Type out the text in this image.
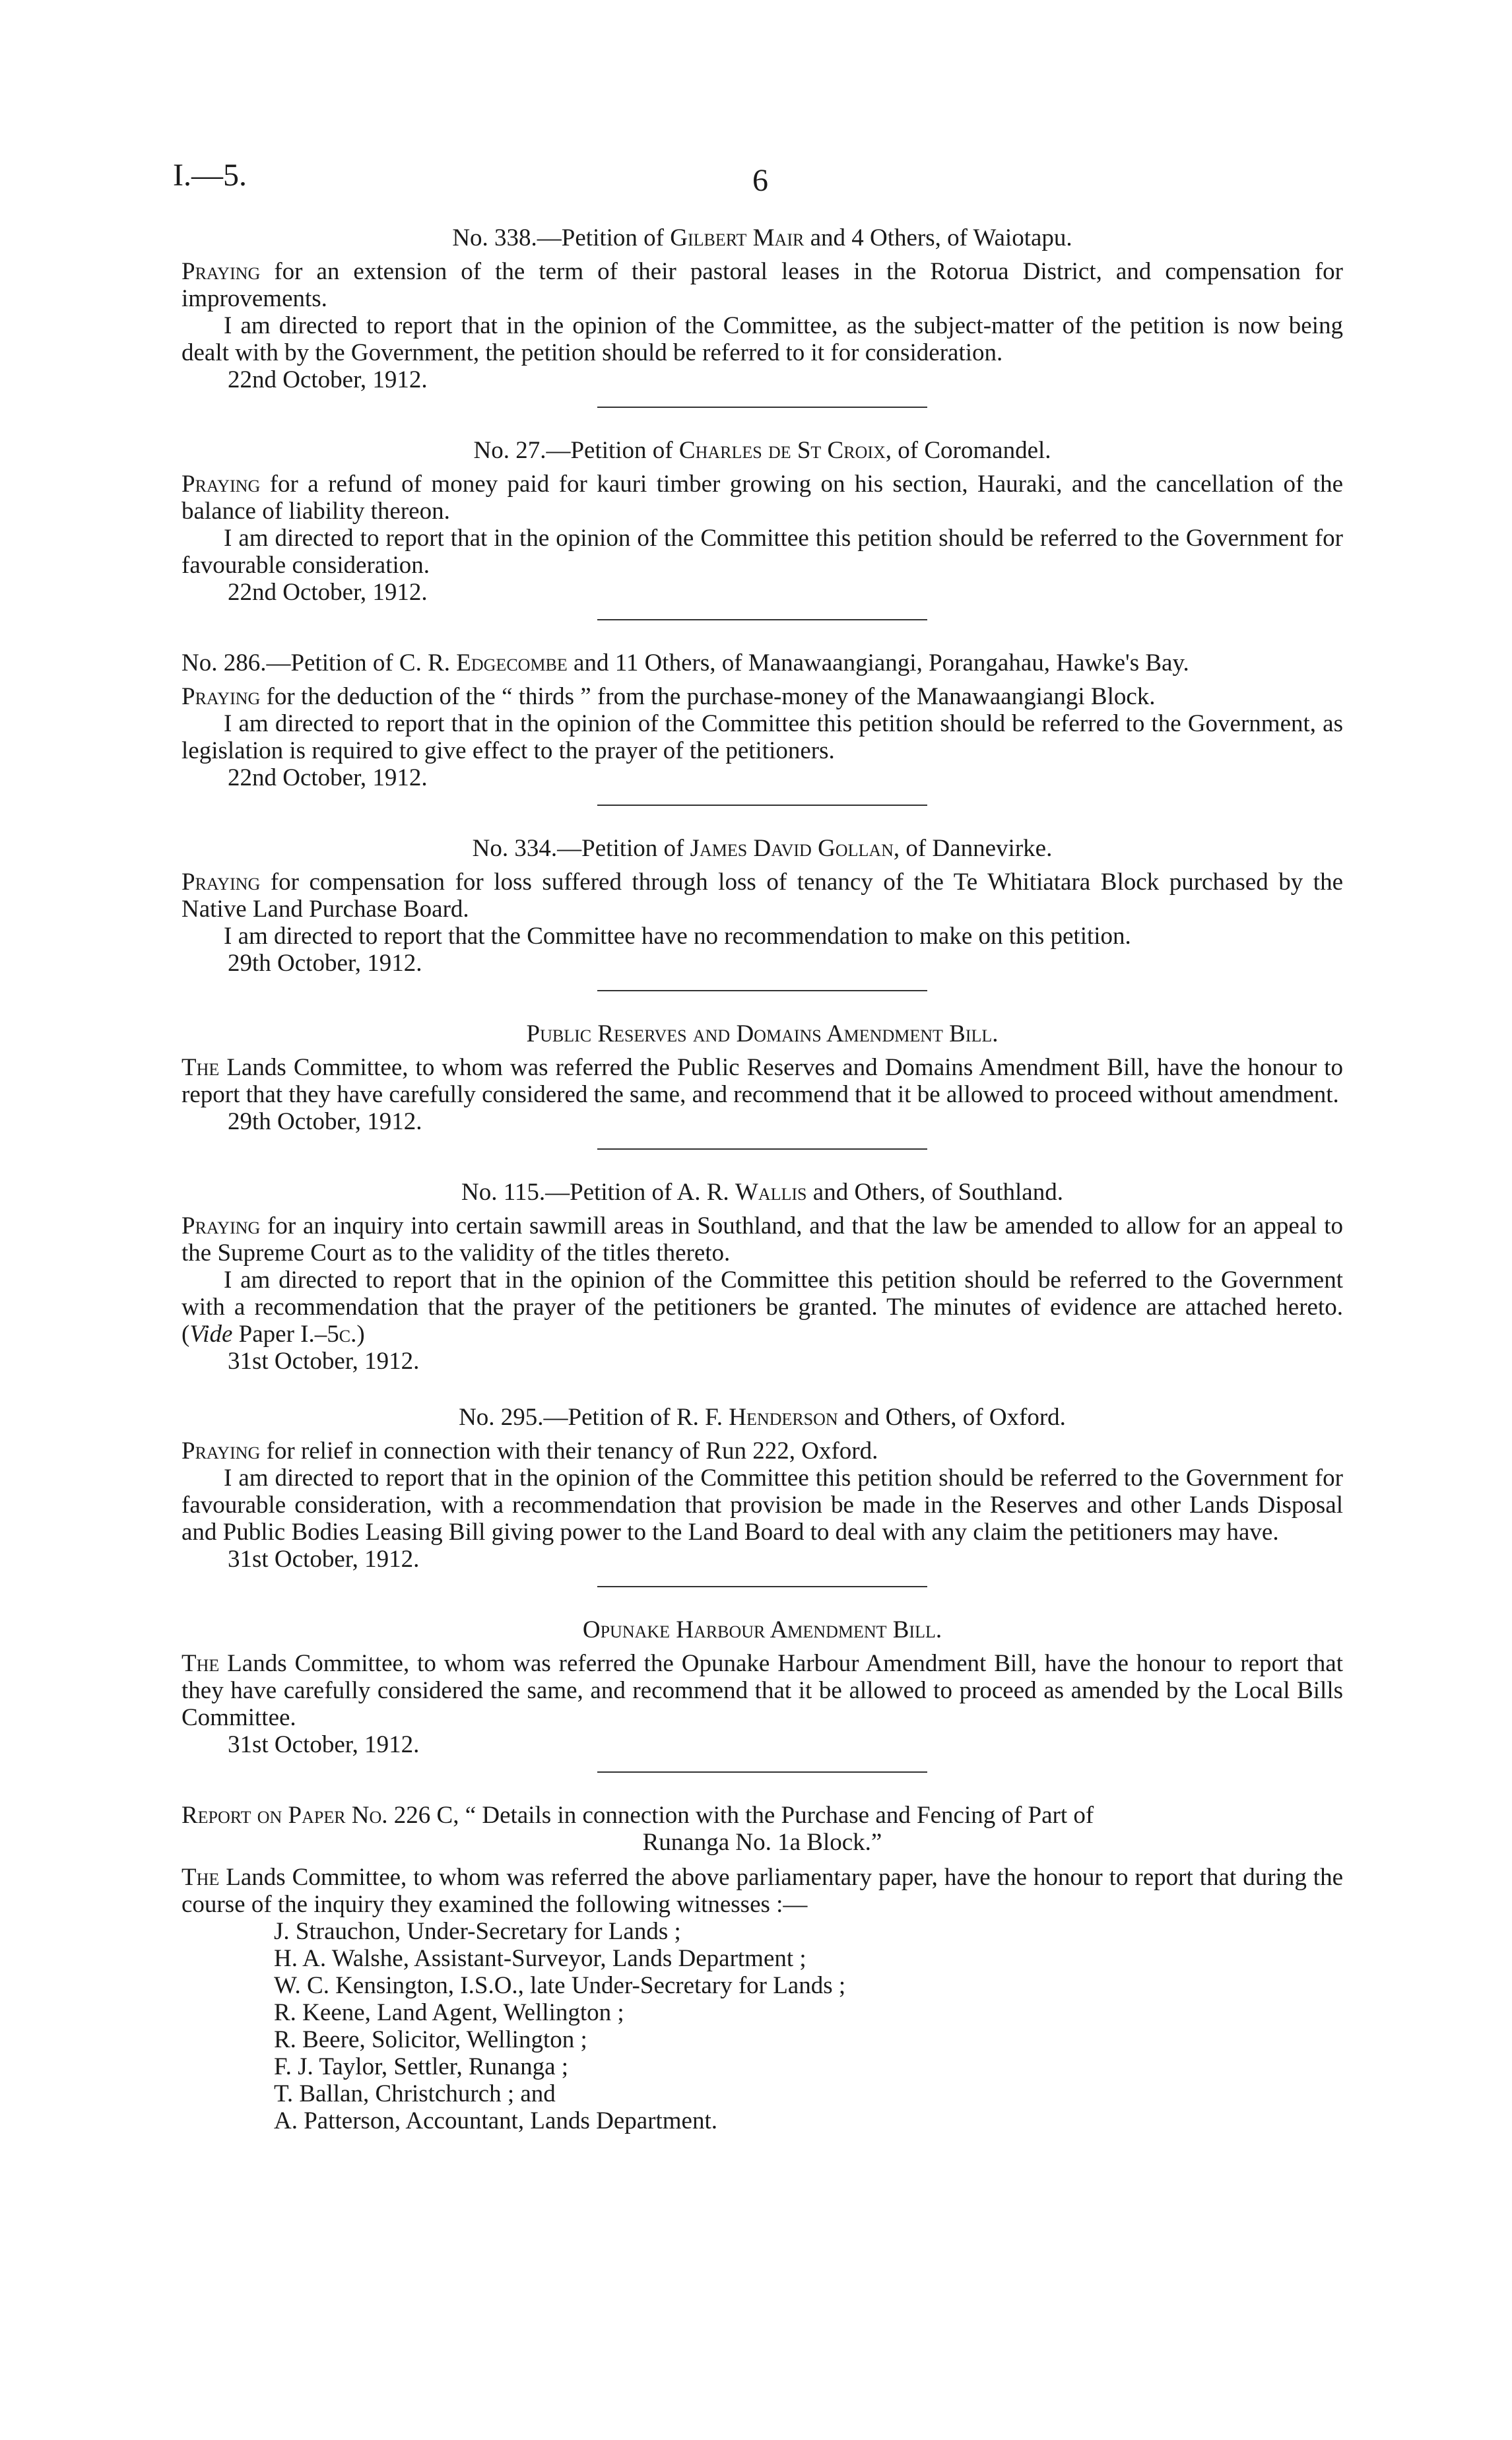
I.—5.	6
No. 338.—Petition of Gilbert Mair and 4 Others, of Waiotapu.

Praying for an extension of the term of their pastoral leases in the Rotorua District, and compensation for improvements.

I am directed to report that in the opinion of the Committee, as the subject-matter of the petition is now being dealt with by the Government, the petition should be referred to it for consideration.

22nd October, 1912.

No. 27.—Petition of Charles de St Croix, of Coromandel.

Praying for a refund of money paid for kauri timber growing on his section, Hauraki, and the cancellation of the balance of liability thereon.

I am directed to report that in the opinion of the Committee this petition should be referred to the Government for favourable consideration.

22nd October, 1912.

No. 286.—Petition of C. R. Edgecombe and 11 Others, of Manawaangiangi, Porangahau, Hawke's Bay.

Praying for the deduction of the “ thirds ” from the purchase-money of the Manawaangiangi Block.

I am directed to report that in the opinion of the Committee this petition should be referred to the Government, as legislation is required to give effect to the prayer of the petitioners.

22nd October, 1912.

No. 334.—Petition of James David Gollan, of Dannevirke.

Praying for compensation for loss suffered through loss of tenancy of the Te Whitiatara Block purchased by the Native Land Purchase Board.

I am directed to report that the Committee have no recommendation to make on this petition.

29th October, 1912.

Public Reserves and Domains Amendment Bill.

The Lands Committee, to whom was referred the Public Reserves and Domains Amendment Bill, have the honour to report that they have carefully considered the same, and recommend that it be allowed to proceed without amendment.

29th October, 1912.

No. 115.—Petition of A. R. Wallis and Others, of Southland.

Praying for an inquiry into certain sawmill areas in Southland, and that the law be amended to allow for an appeal to the Supreme Court as to the validity of the titles thereto.

I am directed to report that in the opinion of the Committee this petition should be referred to the Government with a recommendation that the prayer of the petitioners be granted. The minutes of evidence are attached hereto. (Vide Paper I.–5c.)

31st October, 1912.

No. 295.—Petition of R. F. Henderson and Others, of Oxford.

Praying for relief in connection with their tenancy of Run 222, Oxford.

I am directed to report that in the opinion of the Committee this petition should be referred to the Government for favourable consideration, with a recommendation that provision be made in the Reserves and other Lands Disposal and Public Bodies Leasing Bill giving power to the Land Board to deal with any claim the petitioners may have.

31st October, 1912.

Opunake Harbour Amendment Bill.

The Lands Committee, to whom was referred the Opunake Harbour Amendment Bill, have the honour to report that they have carefully considered the same, and recommend that it be allowed to proceed as amended by the Local Bills Committee.

31st October, 1912.

Report on Paper No. 226 C, “ Details in connection with the Purchase and Fencing of Part of
Runanga No. 1a Block.”

The Lands Committee, to whom was referred the above parliamentary paper, have the honour to report that during the course of the inquiry they examined the following witnesses :—

J. Strauchon, Under-Secretary for Lands ;
H. A. Walshe, Assistant-Surveyor, Lands Department ;
W. C. Kensington, I.S.O., late Under-Secretary for Lands ;
R. Keene, Land Agent, Wellington ;
R. Beere, Solicitor, Wellington ;
F. J. Taylor, Settler, Runanga ;
T. Ballan, Christchurch ; and
A. Patterson, Accountant, Lands Department.
